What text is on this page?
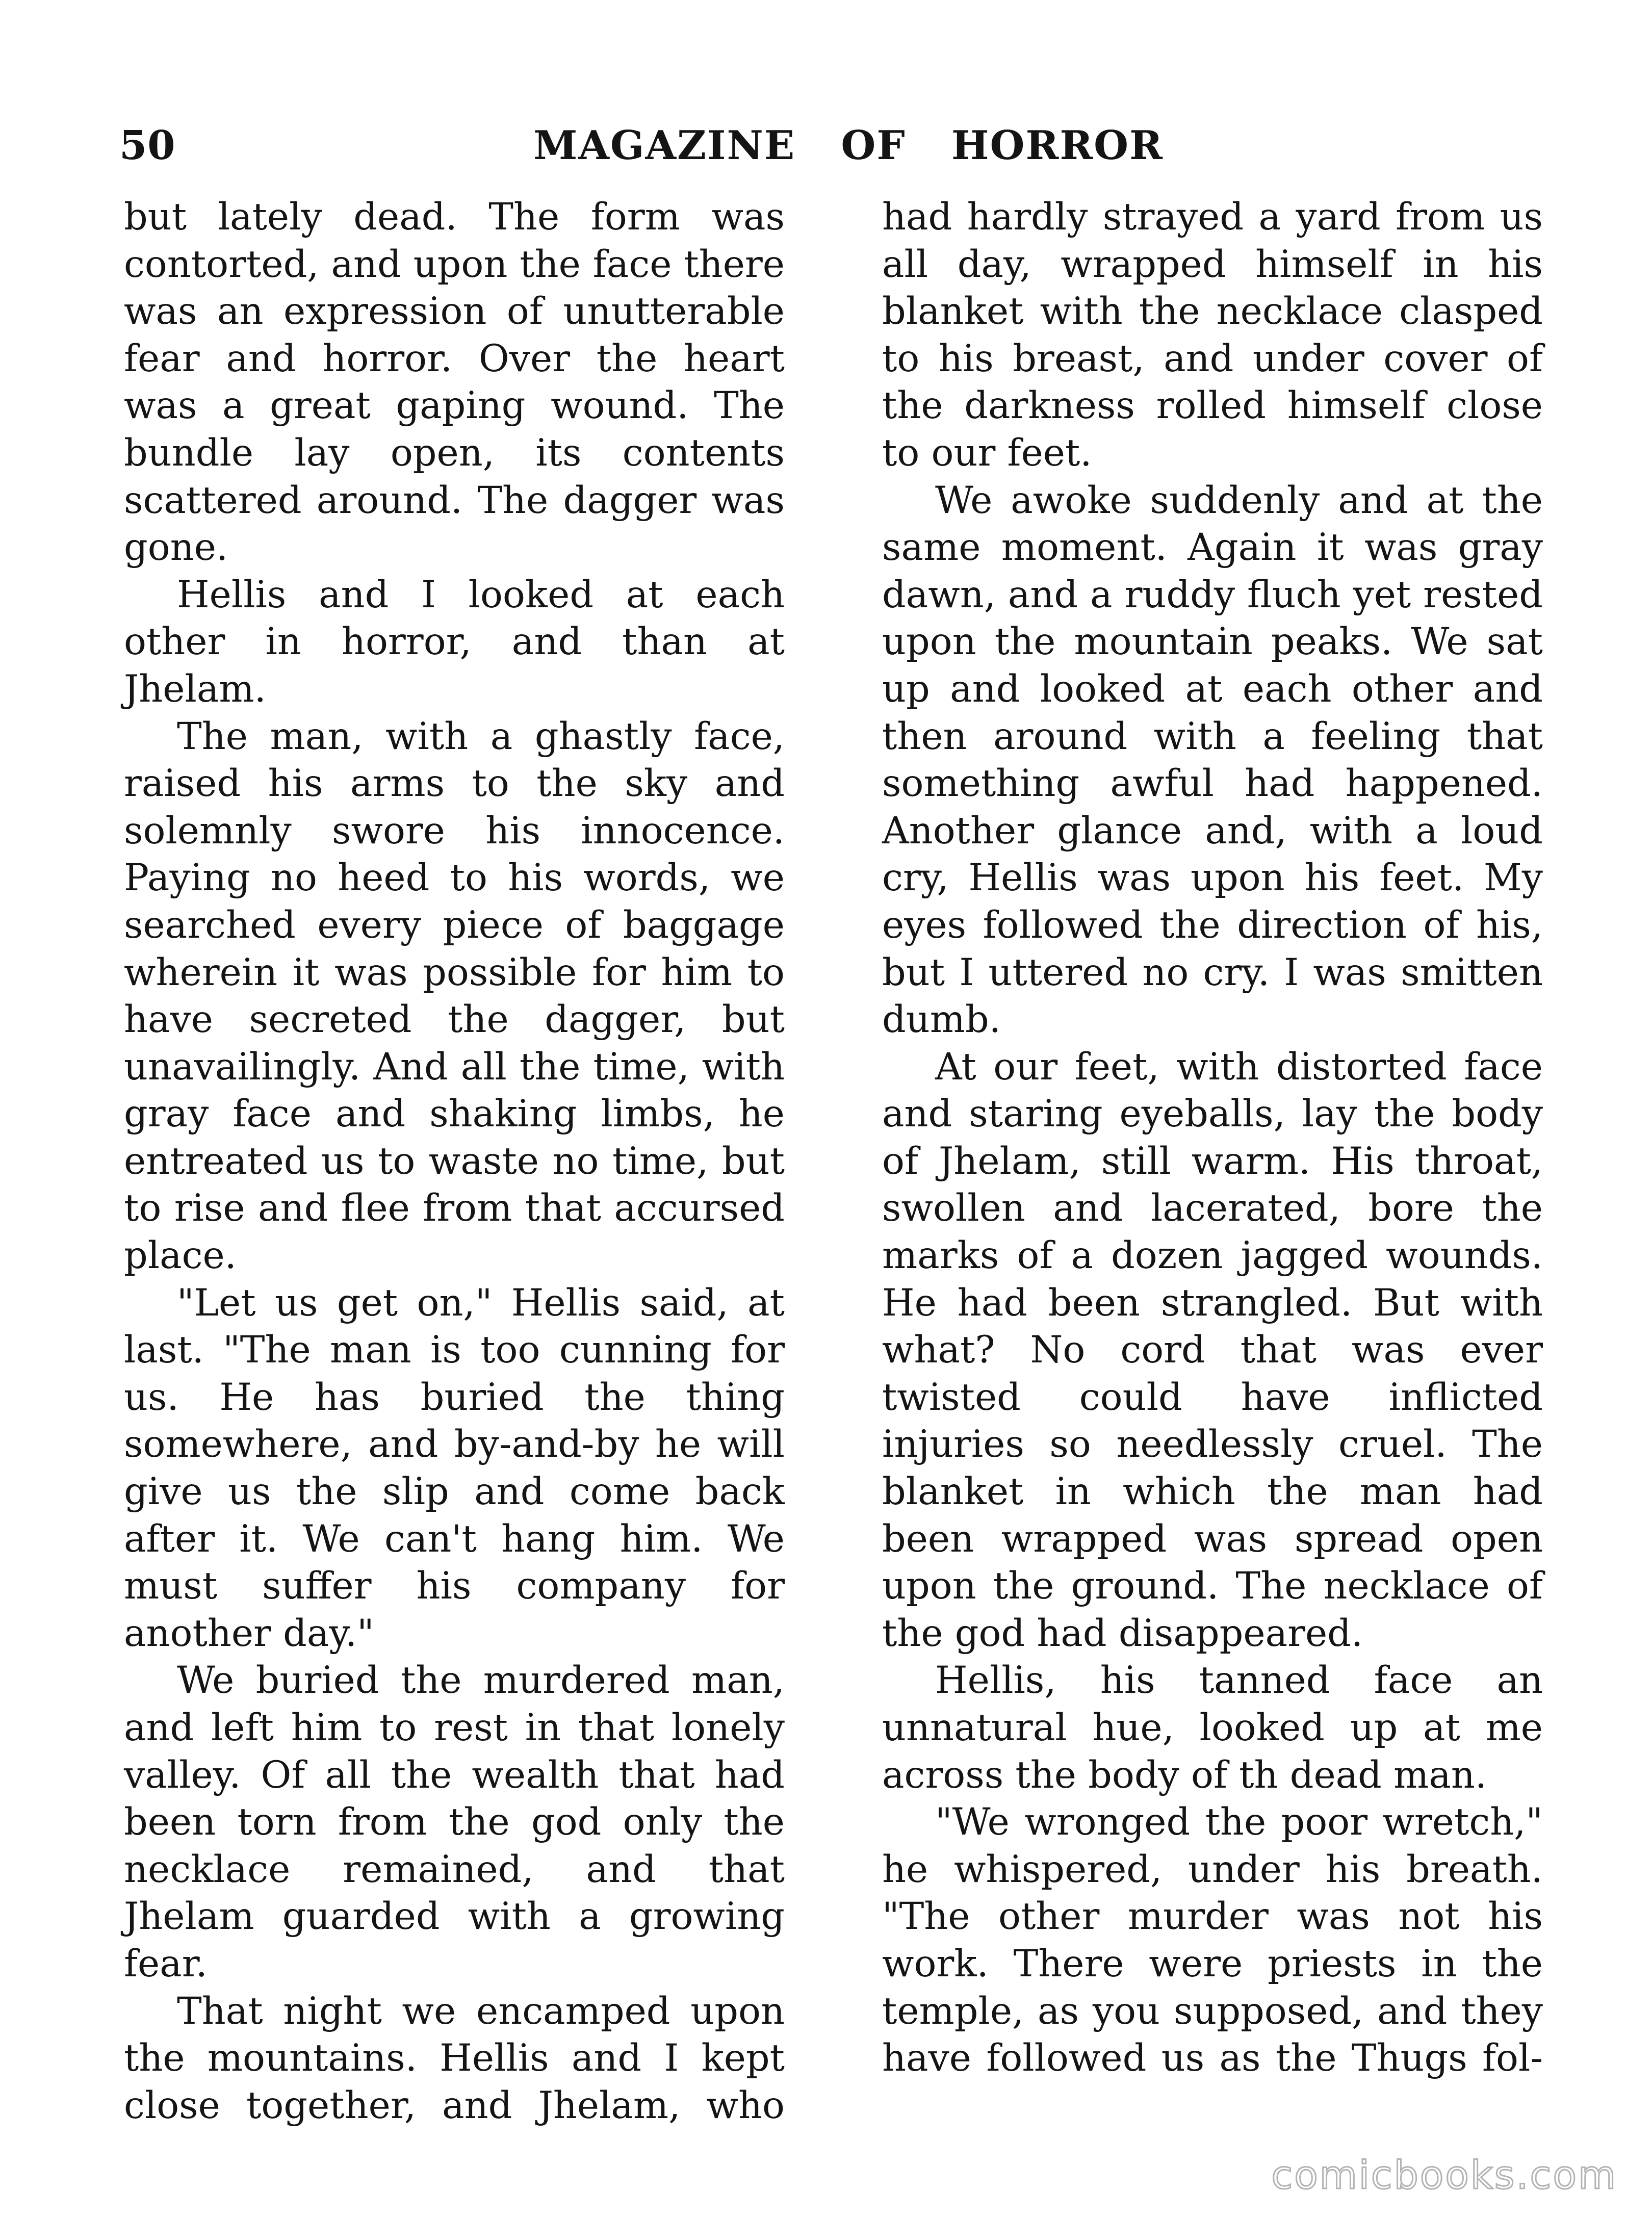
50	MAGAZINE OF HORROR

but lately dead. The form was contorted, and upon the face there was an expression of unutterable fear and horror. Over the heart was a great gaping wound. The bundle lay open, its contents scattered around. The dagger was gone.

Hellis and I looked at each other in horror, and than at Jhelam.

The man, with a ghastly face, raised his arms to the sky and solemnly swore his innocence. Paying no heed to his words, we searched every piece of baggage wherein it was possible for him to have secreted the dagger, but unavailingly. And all the time, with gray face and shaking limbs, he entreated us to waste no time, but to rise and flee from that accursed place.

"Let us get on," Hellis said, at last. "The man is too cunning for us. He has buried the thing somewhere, and by-and-by he will give us the slip and come back after it. We can't hang him. We must suffer his company for another day."

We buried the murdered man, and left him to rest in that lonely valley. Of all the wealth that had been torn from the god only the necklace remained, and that Jhelam guarded with a growing fear.

That night we encamped upon the mountains. Hellis and I kept close together, and Jhelam, who

had hardly strayed a yard from us all day, wrapped himself in his blanket with the necklace clasped to his breast, and under cover of the darkness rolled himself close to our feet.

We awoke suddenly and at the same moment. Again it was gray dawn, and a ruddy fluch yet rested upon the mountain peaks. We sat up and looked at each other and then around with a feeling that something awful had happened. Another glance and, with a loud cry, Hellis was upon his feet. My eyes followed the direction of his, but I uttered no cry. I was smitten dumb.

At our feet, with distorted face and staring eyeballs, lay the body of Jhelam, still warm. His throat, swollen and lacerated, bore the marks of a dozen jagged wounds. He had been strangled. But with what? No cord that was ever twisted could have inflicted injuries so needlessly cruel. The blanket in which the man had been wrapped was spread open upon the ground. The necklace of the god had disappeared.

Hellis, his tanned face an unnatural hue, looked up at me across the body of th dead man.

"We wronged the poor wretch," he whispered, under his breath. "The other murder was not his work. There were priests in the temple, as you supposed, and they have followed us as the Thugs fol-

comicbooks.com
